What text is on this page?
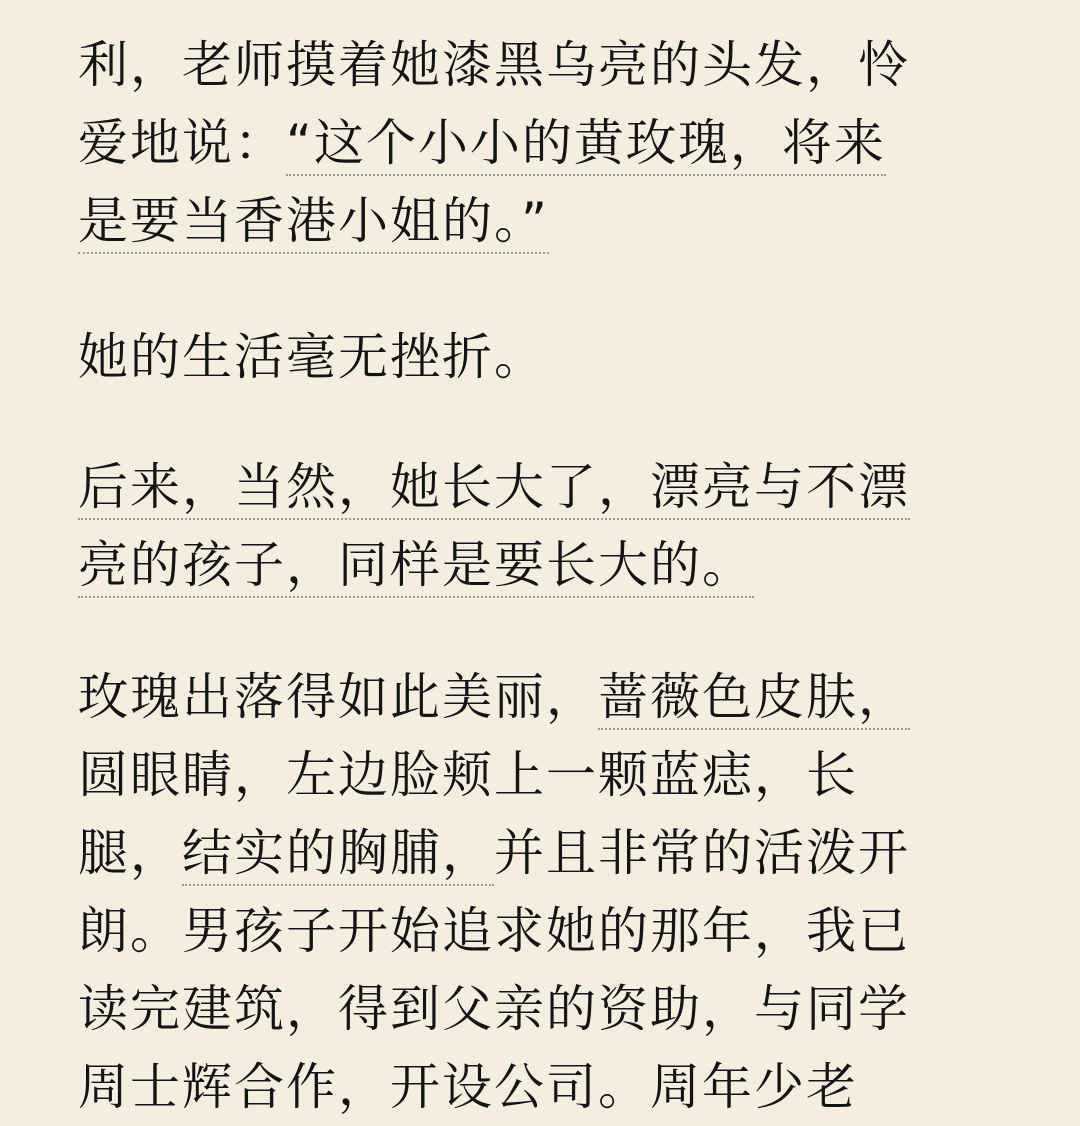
利，老师摸着她漆黑乌亮的头发，怜
爱地说：“这个小小的黄玫瑰，将来
是要当香港小姐的。”
她的生活毫无挫折。
后来，当然，她长大了，漂亮与不漂
亮的孩子，同样是要长大的。
玫瑰出落得如此美丽，蔷薇色皮肤，
圆眼睛，左边脸颊上一颗蓝痣，长
腿，结实的胸脯，并且非常的活泼开
朗。男孩子开始追求她的那年，我已
读完建筑，得到父亲的资助，与同学
周士辉合作，开设公司。周年少老
